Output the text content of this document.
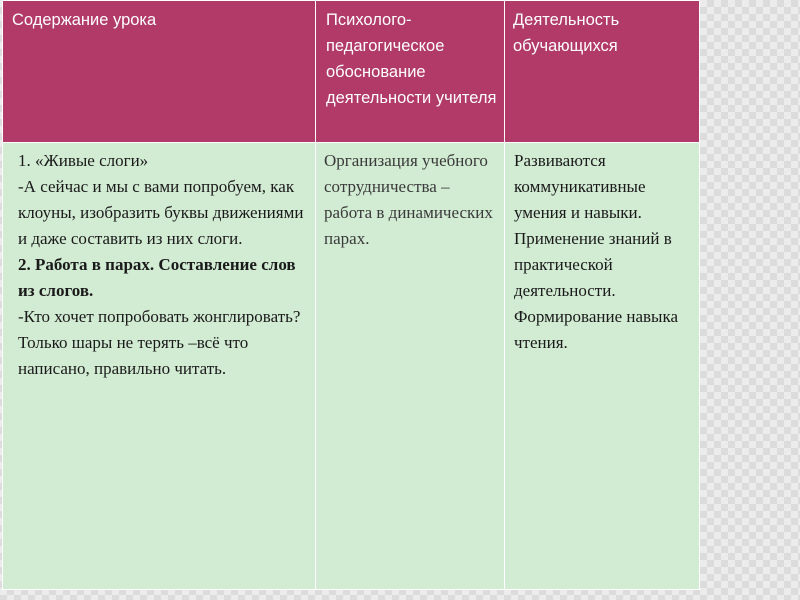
Содержание урока	Психолого-педагогическое обоснование деятельности учителя	Деятельность обучающихся

1. «Живые слоги»

-А сейчас и мы с вами попробуем, как клоуны, изобразить буквы движениями и даже составить из них слоги.

2. Работа в парах. Составление слов из слогов.

-Кто хочет попробовать жонглировать? Только шары не терять –всё что написано, правильно читать.	Организация учебного сотрудничества – работа в динамических парах.	Развиваются коммуникативные умения и навыки. Применение знаний в практической деятельности. Формирование навыка чтения.
